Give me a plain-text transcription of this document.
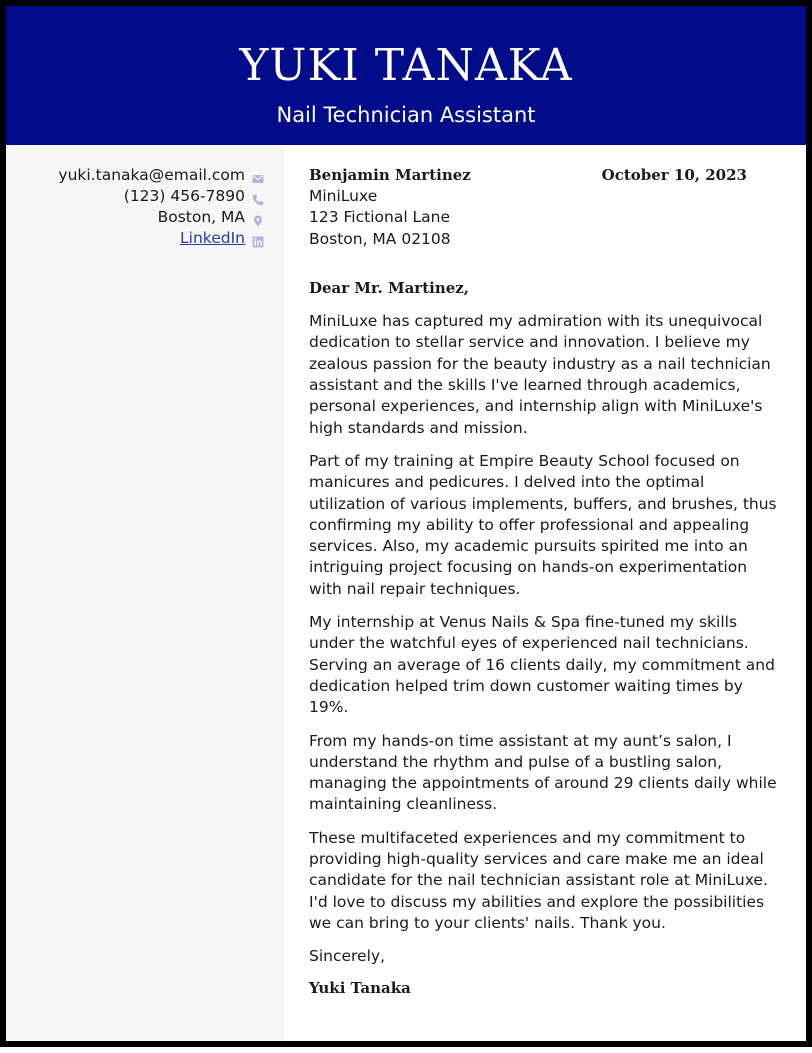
YUKI TANAKA
Nail Technician Assistant
yuki.tanaka@email.com
(123) 456-7890
Boston, MA
LinkedIn
Benjamin Martinez	October 10, 2023
MiniLuxe
123 Fictional Lane
Boston, MA 02108
Dear Mr. Martinez,

MiniLuxe has captured my admiration with its unequivocal dedication to stellar service and innovation. I believe my zealous passion for the beauty industry as a nail technician assistant and the skills I've learned through academics, personal experiences, and internship align with MiniLuxe's high standards and mission.

Part of my training at Empire Beauty School focused on manicures and pedicures. I delved into the optimal utilization of various implements, buffers, and brushes, thus confirming my ability to offer professional and appealing services. Also, my academic pursuits spirited me into an intriguing project focusing on hands-on experimentation with nail repair techniques.

My internship at Venus Nails & Spa fine-tuned my skills under the watchful eyes of experienced nail technicians. Serving an average of 16 clients daily, my commitment and dedication helped trim down customer waiting times by 19%.

From my hands-on time assistant at my aunt’s salon, I understand the rhythm and pulse of a bustling salon, managing the appointments of around 29 clients daily while maintaining cleanliness.

These multifaceted experiences and my commitment to providing high-quality services and care make me an ideal candidate for the nail technician assistant role at MiniLuxe. I'd love to discuss my abilities and explore the possibilities we can bring to your clients' nails. Thank you.

Sincerely,
Yuki Tanaka
